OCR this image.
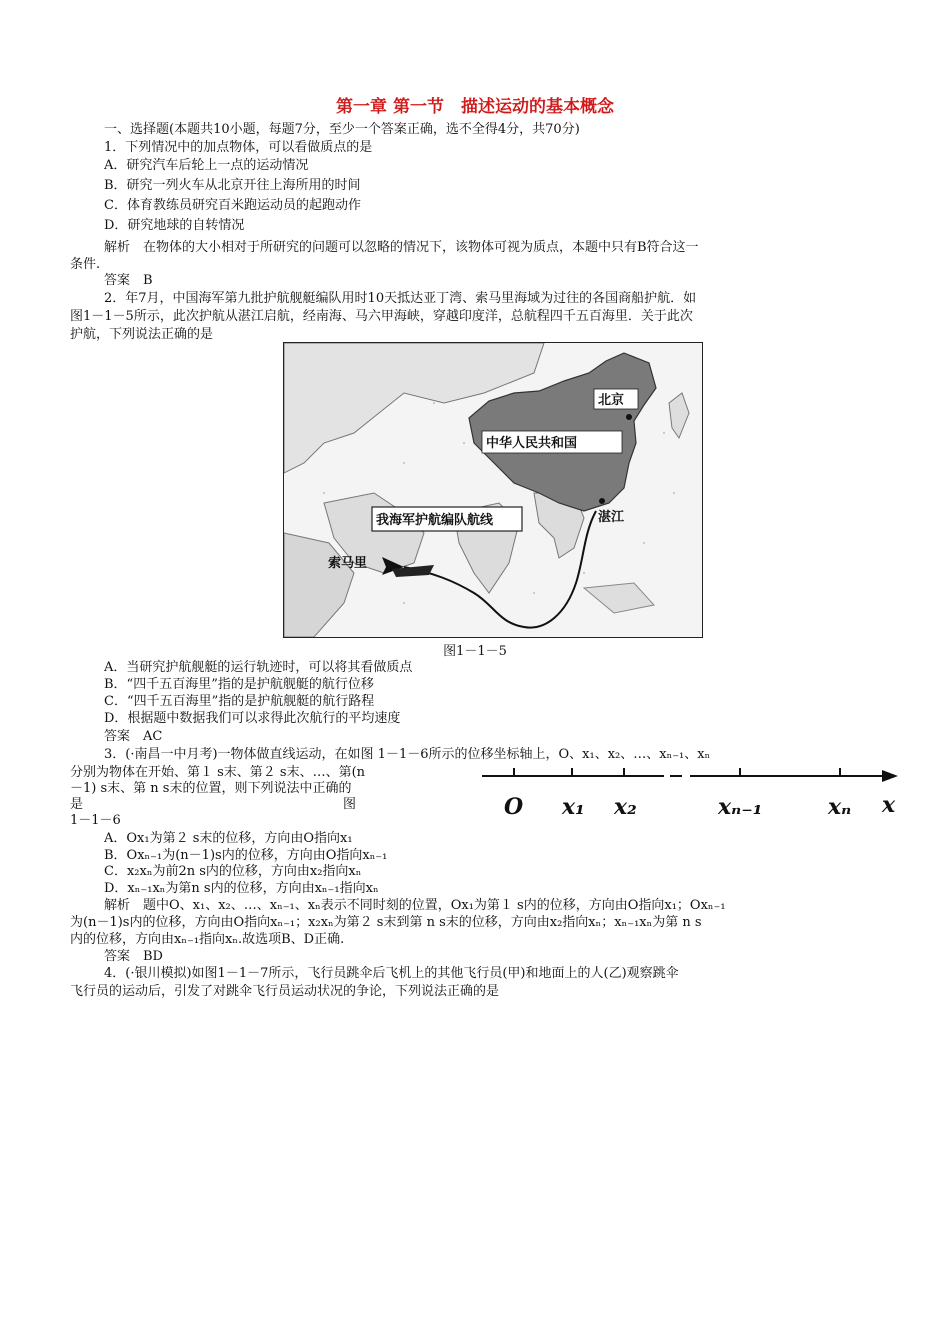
第一章 第一节　描述运动的基本概念
一、选择题(本题共10小题，每题7分，至少一个答案正确，选不全得4分，共70分)
1．下列情况中的加点物体，可以看做质点的是
A．研究汽车后轮上一点的运动情况
B．研究一列火车从北京开往上海所用的时间
C．体育教练员研究百米跑运动员的起跑动作
D．研究地球的自转情况
解析　在物体的大小相对于所研究的问题可以忽略的情况下，该物体可视为质点，本题中只有B符合这一
条件.
答案　B
2．年7月，中国海军第九批护航舰艇编队用时10天抵达亚丁湾、索马里海域为过往的各国商船护航．如
图1－1－5所示，此次护航从湛江启航，经南海、马六甲海峡，穿越印度洋，总航程四千五百海里．关于此次
护航，下列说法正确的是
北京
中华人民共和国
湛江
我海军护航编队航线
索马里
图1－1－5
A．当研究护航舰艇的运行轨迹时，可以将其看做质点
B．“四千五百海里”指的是护航舰艇的航行位移
C．“四千五百海里”指的是护航舰艇的航行路程
D．根据题中数据我们可以求得此次航行的平均速度
答案　AC
3．(·南昌一中月考)一物体做直线运动，在如图 1－1－6所示的位移坐标轴上，O、x₁、x₂、…、xₙ₋₁、xₙ
分别为物体在开始、第１ s末、第２ s末、…、第(n
－1) s末、第 n s末的位置，则下列说法中正确的
是　　　　　　　　　　　　　　　　　　　　图
1－1－6
O x₁ x₂	xₙ₋₁	xₙ x
A．Ox₁为第２ s末的位移，方向由O指向x₁
B．Oxₙ₋₁为(n－1)s内的位移，方向由O指向xₙ₋₁
C．x₂xₙ为前2n s内的位移，方向由x₂指向xₙ
D．xₙ₋₁xₙ为第n s内的位移，方向由xₙ₋₁指向xₙ
解析　题中O、x₁、x₂、…、xₙ₋₁、xₙ表示不同时刻的位置，Ox₁为第１ s内的位移，方向由O指向x₁；Oxₙ₋₁
为(n－1)s内的位移，方向由O指向xₙ₋₁；x₂xₙ为第２ s末到第 n s末的位移，方向由x₂指向xₙ；xₙ₋₁xₙ为第 n s
内的位移，方向由xₙ₋₁指向xₙ.故选项B、D正确.
答案　BD
4．(·银川模拟)如图1－1－7所示，飞行员跳伞后飞机上的其他飞行员(甲)和地面上的人(乙)观察跳伞
飞行员的运动后，引发了对跳伞飞行员运动状况的争论，下列说法正确的是
